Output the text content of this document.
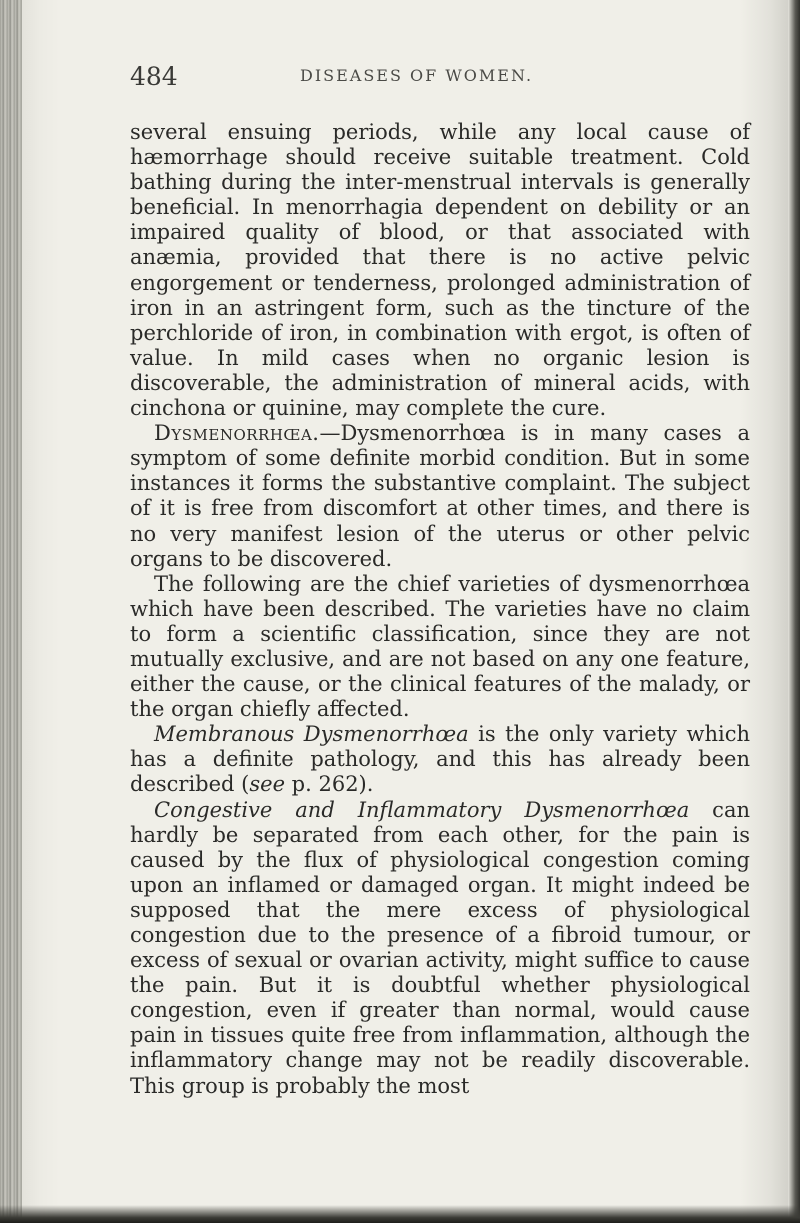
484	DISEASES OF WOMEN.

several ensuing periods, while any local cause of hæmorrhage should receive suitable treatment. Cold bathing during the inter-menstrual intervals is generally beneficial. In menorrhagia dependent on debility or an impaired quality of blood, or that associated with anæmia, provided that there is no active pelvic engorgement or tenderness, prolonged administration of iron in an astringent form, such as the tincture of the perchloride of iron, in combination with ergot, is often of value. In mild cases when no organic lesion is discoverable, the administration of mineral acids, with cinchona or quinine, may complete the cure.

Dysmenorrhœa.—Dysmenorrhœa is in many cases a symptom of some definite morbid condition. But in some instances it forms the substantive complaint. The subject of it is free from discomfort at other times, and there is no very manifest lesion of the uterus or other pelvic organs to be discovered.

The following are the chief varieties of dysmenorrhœa which have been described. The varieties have no claim to form a scientific classification, since they are not mutually exclusive, and are not based on any one feature, either the cause, or the clinical features of the malady, or the organ chiefly affected.

Membranous Dysmenorrhœa is the only variety which has a definite pathology, and this has already been described (see p. 262).

Congestive and Inflammatory Dysmenorrhœa can hardly be separated from each other, for the pain is caused by the flux of physiological congestion coming upon an inflamed or damaged organ. It might indeed be supposed that the mere excess of physiological congestion due to the presence of a fibroid tumour, or excess of sexual or ovarian activity, might suffice to cause the pain. But it is doubtful whether physiological congestion, even if greater than normal, would cause pain in tissues quite free from inflammation, although the inflammatory change may not be readily discoverable. This group is probably the most
